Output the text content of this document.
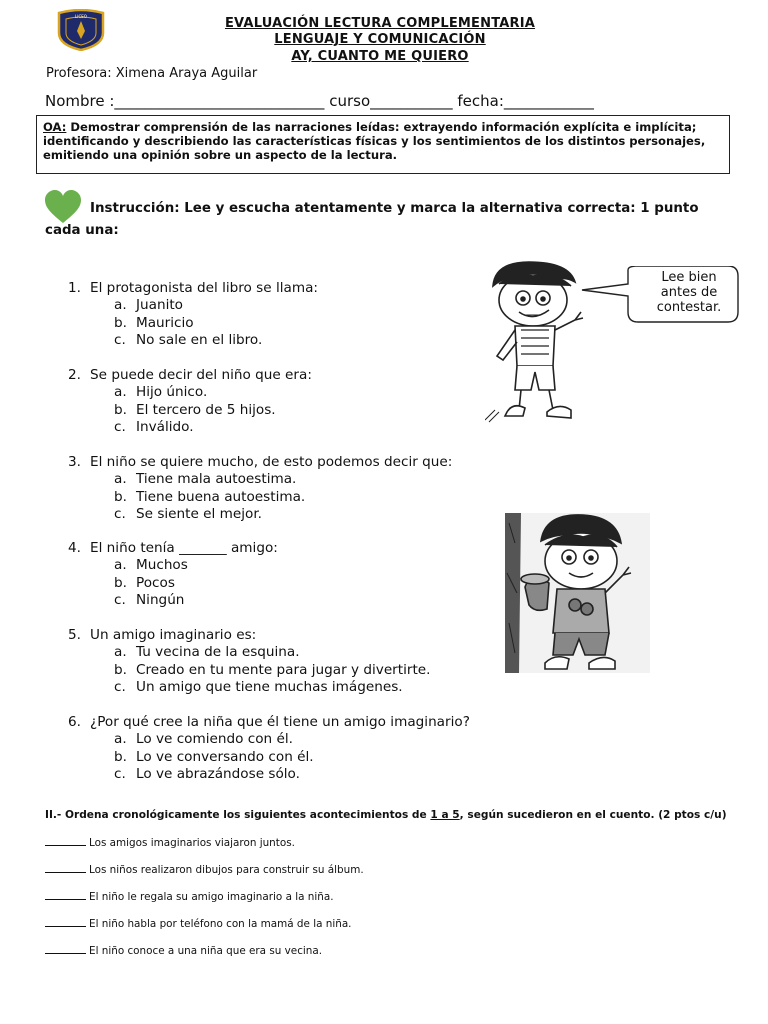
LICEO	EVALUACIÓN LECTURA COMPLEMENTARIA
LENGUAJE Y COMUNICACIÓN
AY, CUANTO ME QUIERO
Profesora: Ximena Araya Aguilar
Nombre :____________________________ curso___________ fecha:____________
OA: Demostrar comprensión de las narraciones leídas: extrayendo información explícita e implícita; identificando y describiendo las características físicas y los sentimientos de los distintos personajes, emitiendo una opinión sobre un aspecto de la lectura.
Instrucción: Lee y escucha atentamente y marca la alternativa correcta: 1 punto cada una:
1. El protagonista del libro se llama:
a. Juanito
b. Mauricio
c. No sale en el libro.
2. Se puede decir del niño que era:
a. Hijo único.
b. El tercero de 5 hijos.
c. Inválido.
3. El niño se quiere mucho, de esto podemos decir que:
a. Tiene mala autoestima.
b. Tiene buena autoestima.
c. Se siente el mejor.
4. El niño tenía _______ amigo:
a. Muchos
b. Pocos
c. Ningún
5. Un amigo imaginario es:
a. Tu vecina de la esquina.
b. Creado en tu mente para jugar y divertirte.
c. Un amigo que tiene muchas imágenes.
6. ¿Por qué cree la niña que él tiene un amigo imaginario?
a. Lo ve comiendo con él.
b. Lo ve conversando con él.
c. Lo ve abrazándose sólo.
Lee bien
antes de
contestar.
II.- Ordena cronológicamente los siguientes acontecimientos de 1 a 5, según sucedieron en el cuento. (2 ptos c/u)
Los amigos imaginarios viajaron juntos.
Los niños realizaron dibujos para construir su álbum.
El niño le regala su amigo imaginario a la niña.
El niño habla por teléfono con la mamá de la niña.
El niño conoce a una niña que era su vecina.
